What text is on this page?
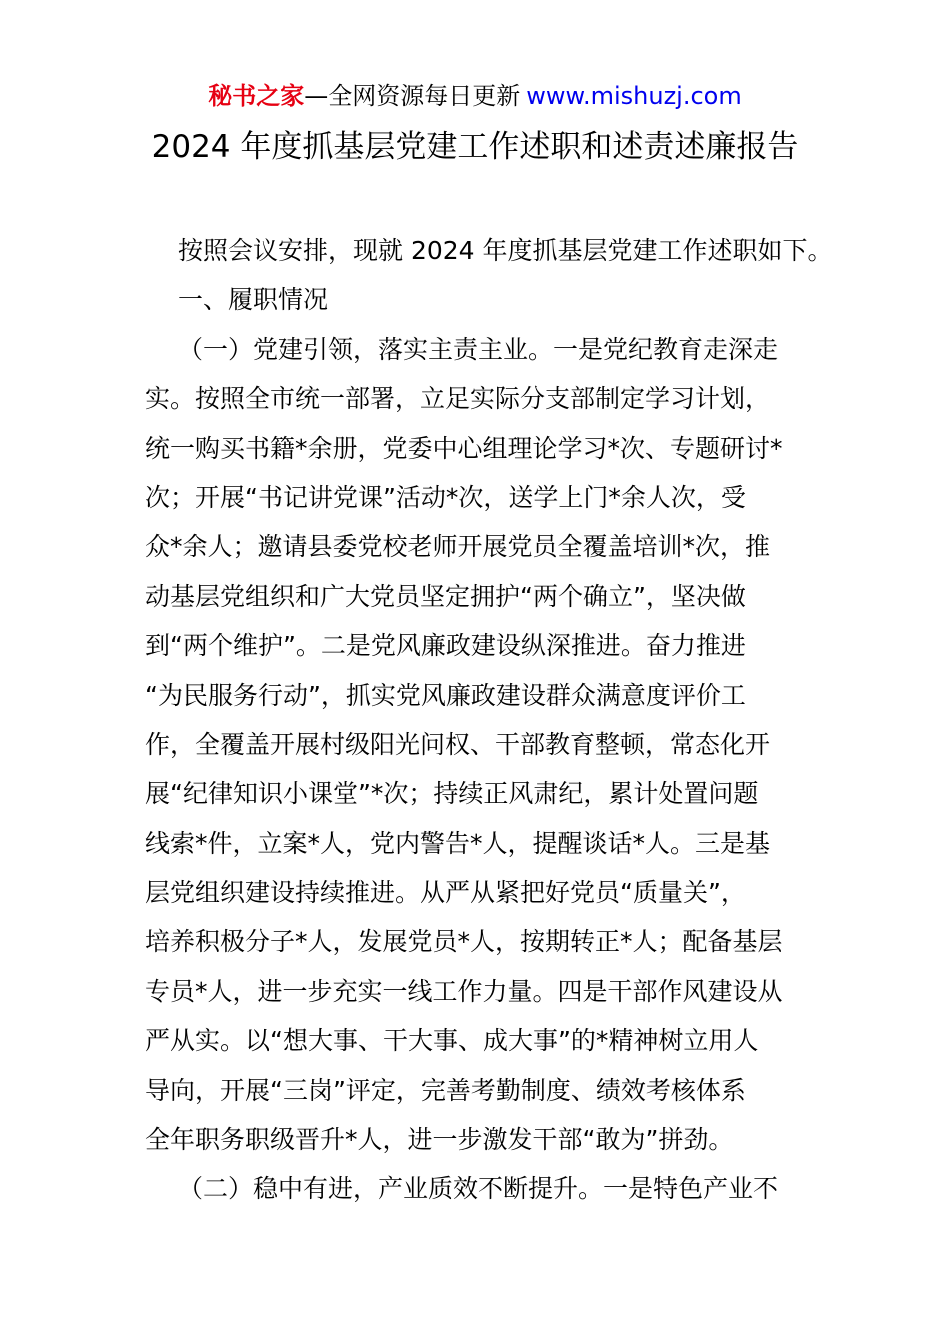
秘书之家—全网资源每日更新 www.mishuzj.com
2024 年度抓基层党建工作述职和述责述廉报告
按照会议安排，现就 2024 年度抓基层党建工作述职如下。
一、履职情况
（一）党建引领，落实主责主业。一是党纪教育走深走
实。按照全市统一部署，立足实际分支部制定学习计划，
统一购买书籍*余册，党委中心组理论学习*次、专题研讨*
次；开展“书记讲党课”活动*次，送学上门*余人次，受
众*余人；邀请县委党校老师开展党员全覆盖培训*次，推
动基层党组织和广大党员坚定拥护“两个确立”，坚决做
到“两个维护”。二是党风廉政建设纵深推进。奋力推进
“为民服务行动”，抓实党风廉政建设群众满意度评价工
作，全覆盖开展村级阳光问权、干部教育整顿，常态化开
展“纪律知识小课堂”*次；持续正风肃纪，累计处置问题
线索*件，立案*人，党内警告*人，提醒谈话*人。三是基
层党组织建设持续推进。从严从紧把好党员“质量关”，
培养积极分子*人，发展党员*人，按期转正*人；配备基层
专员*人，进一步充实一线工作力量。四是干部作风建设从
严从实。以“想大事、干大事、成大事”的*精神树立用人
导向，开展“三岗”评定，完善考勤制度、绩效考核体系
全年职务职级晋升*人，进一步激发干部“敢为”拼劲。
（二）稳中有进，产业质效不断提升。一是特色产业不
